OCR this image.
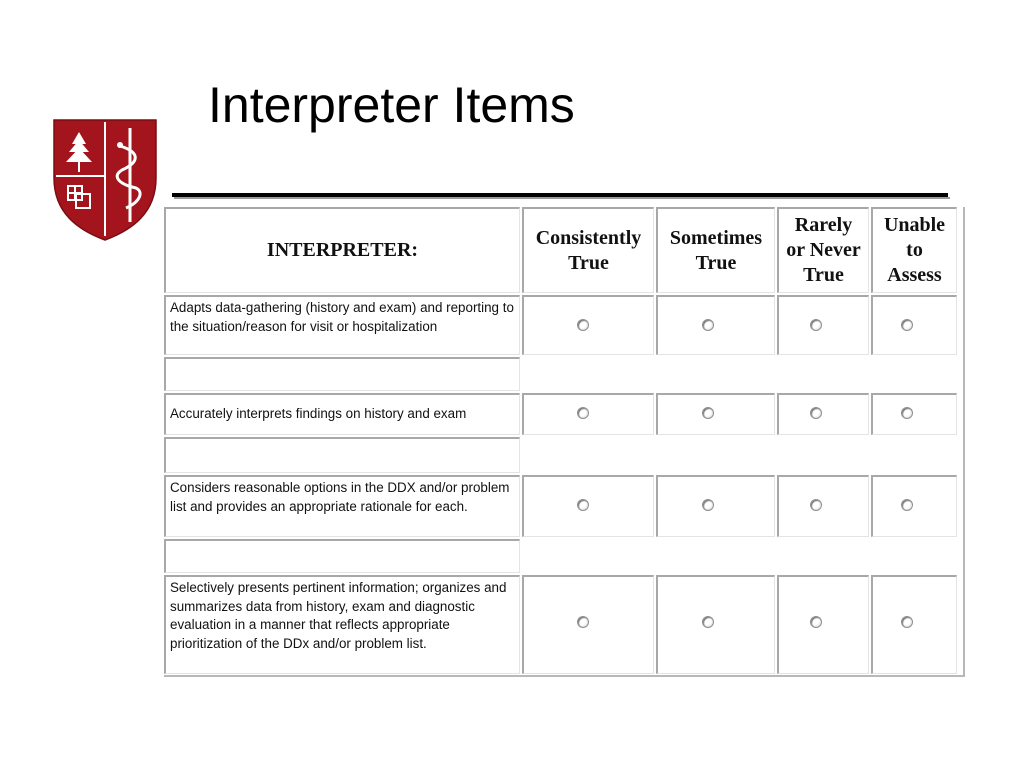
Interpreter Items
INTERPRETER:
Consistently
True
Sometimes
True
Rarely
or Never
True
Unable
to
Assess
Adapts data-gathering (history and exam) and reporting to the situation/reason for visit or hospitalization
Accurately interprets findings on history and exam
Considers reasonable options in the DDX and/or problem list and provides an appropriate rationale for each.
Selectively presents pertinent information; organizes and summarizes data from history, exam and diagnostic evaluation in a manner that reflects appropriate prioritization of the DDx and/or problem list.
